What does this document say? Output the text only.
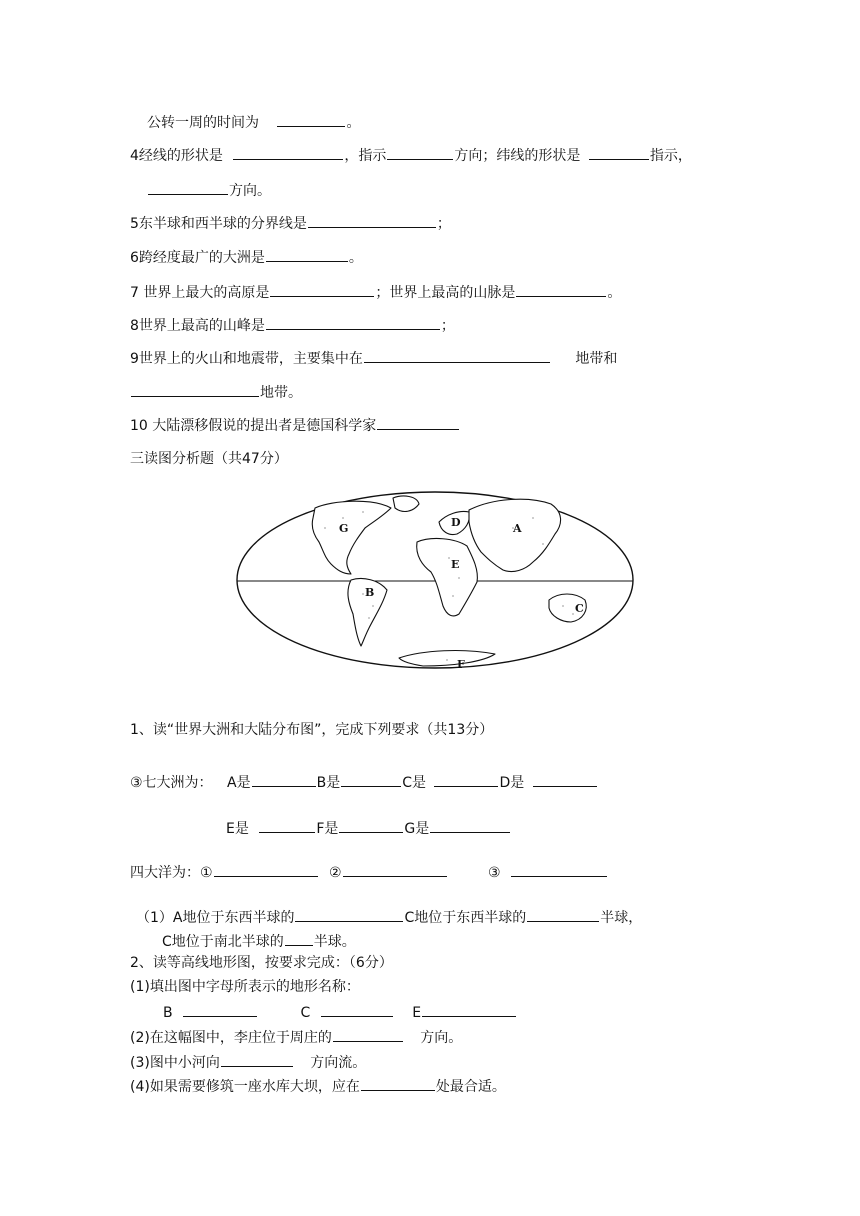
公转一周的时间为	。
4经线的形状是	，指示	方向；纬线的形状是	指示，
方向。
5东半球和西半球的分界线是	；
6跨经度最广的大洲是	。
7 世界上最大的高原是	；世界上最高的山脉是	。
8世界上最高的山峰是	；
9世界上的火山和地震带，主要集中在	地带和
地带。
10 大陆漂移假说的提出者是德国科学家
三读图分析题（共47分）
G	D	A
E
B
C
F
1、读“世界大洲和大陆分布图”，完成下列要求（共13分）
③七大洲为： A是	B是	C是	D是
E是	F是	G是
四大洋为：①	②	③
（1）A地位于东西半球的	C地位于东西半球的	半球，
C地位于南北半球的 半球。
2、读等高线地形图，按要求完成：（6分）
(1)填出图中字母所表示的地形名称：
B	C	E
(2)在这幅图中，李庄位于周庄的	方向。
(3)图中小河向	方向流。
(4)如果需要修筑一座水库大坝，应在	处最合适。
